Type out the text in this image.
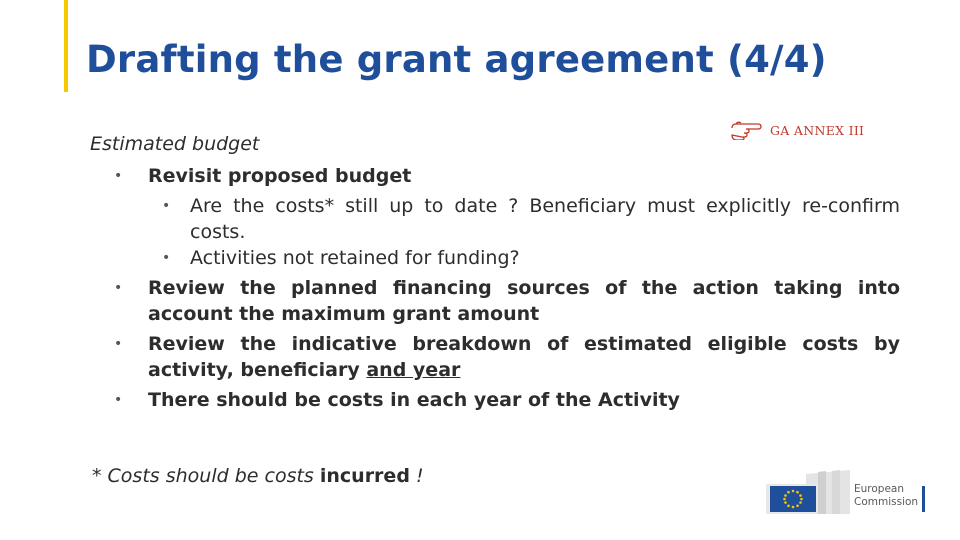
Drafting the grant agreement (4/4)
Estimated budget
GA ANNEX III
• Revisit proposed budget
• Are the costs* still up to date ? Beneficiary must explicitly re-confirm costs.
• Activities not retained for funding?
• Review the planned financing sources of the action taking into account the maximum grant amount
• Review the indicative breakdown of estimated eligible costs by activity, beneficiary and year
• There should be costs in each year of the Activity
* Costs should be costs incurred !
European
Commission
